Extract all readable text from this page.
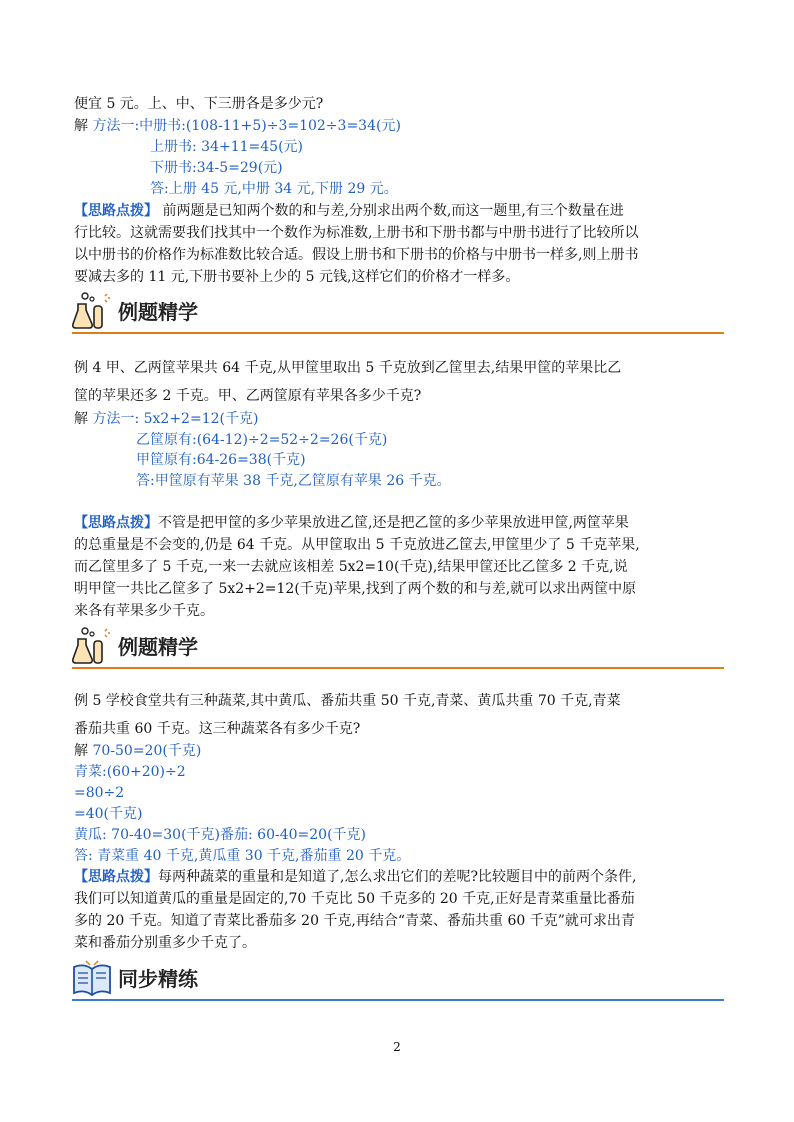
便宜 5 元。上、中、下三册各是多少元?
解 方法一:中册书:(108-11+5)÷3=102÷3=34(元)
上册书: 34+11=45(元)
下册书:34-5=29(元)
答:上册 45 元,中册 34 元,下册 29 元。
【思路点拨】 前两题是已知两个数的和与差,分别求出两个数,而这一题里,有三个数量在进
行比较。这就需要我们找其中一个数作为标准数,上册书和下册书都与中册书进行了比较所以
以中册书的价格作为标准数比较合适。假设上册书和下册书的价格与中册书一样多,则上册书
要减去多的 11 元,下册书要补上少的 5 元钱,这样它们的价格才一样多。
例题精学
例 4 甲、乙两筐苹果共 64 千克,从甲筐里取出 5 千克放到乙筐里去,结果甲筐的苹果比乙
筐的苹果还多 2 千克。甲、乙两筐原有苹果各多少千克?
解 方法一: 5x2+2=12(千克)
乙筐原有:(64-12)÷2=52÷2=26(千克)
甲筐原有:64-26=38(千克)
答:甲筐原有苹果 38 千克,乙筐原有苹果 26 千克。
【思路点拨】不管是把甲筐的多少苹果放进乙筐,还是把乙筐的多少苹果放进甲筐,两筐苹果
的总重量是不会变的,仍是 64 千克。从甲筐取出 5 千克放进乙筐去,甲筐里少了 5 千克苹果,
而乙筐里多了 5 千克,一来一去就应该相差 5x2=10(千克),结果甲筐还比乙筐多 2 千克,说
明甲筐一共比乙筐多了 5x2+2=12(千克)苹果,找到了两个数的和与差,就可以求出两筐中原
来各有苹果多少千克。
例题精学
例 5 学校食堂共有三种蔬菜,其中黄瓜、番茄共重 50 千克,青菜、黄瓜共重 70 千克,青菜
番茄共重 60 千克。这三种蔬菜各有多少千克?
解 70-50=20(千克)
青菜:(60+20)÷2
=80÷2
=40(千克)
黄瓜: 70-40=30(千克)番茄: 60-40=20(千克)
答: 青菜重 40 千克,黄瓜重 30 千克,番茄重 20 千克。
【思路点拨】每两种蔬菜的重量和是知道了,怎么求出它们的差呢?比较题目中的前两个条件,
我们可以知道黄瓜的重量是固定的,70 千克比 50 千克多的 20 千克,正好是青菜重量比番茄
多的 20 千克。知道了青菜比番茄多 20 千克,再结合“青菜、番茄共重 60 千克”就可求出青
菜和番茄分别重多少千克了。
同步精练
2
